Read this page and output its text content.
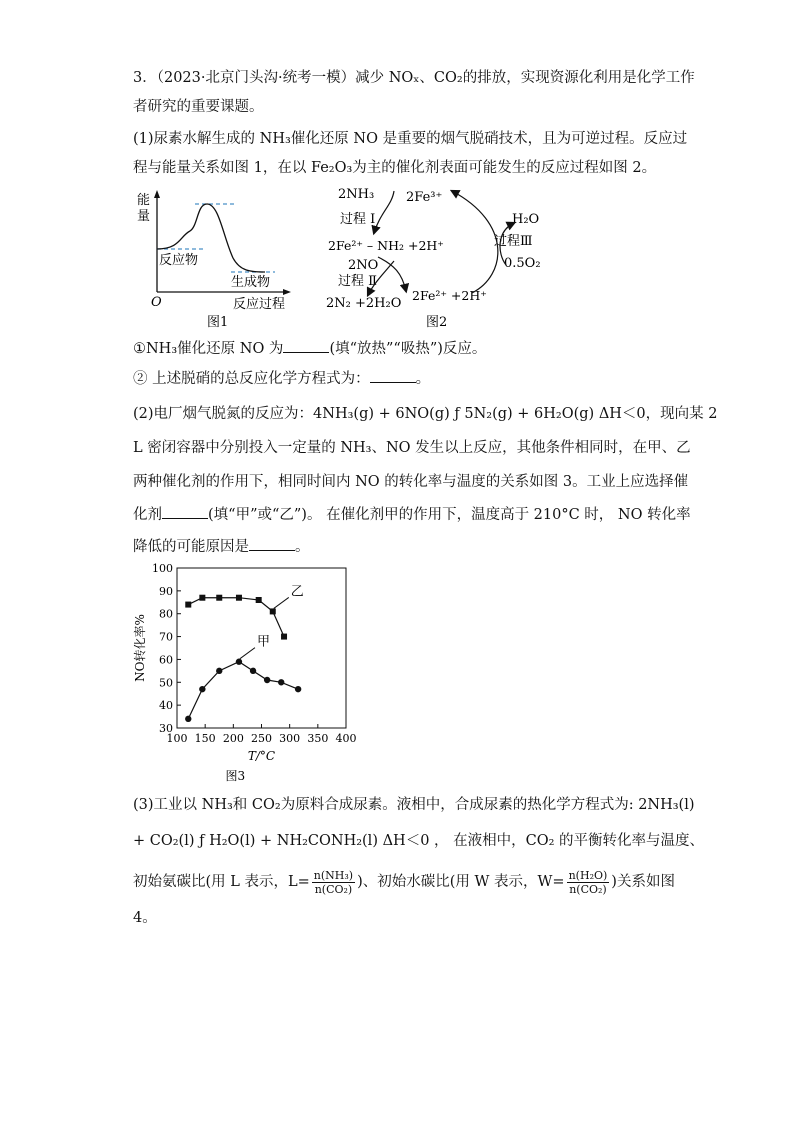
3．（2023·北京门头沟·统考一模）减少 NOₓ、CO₂的排放，实现资源化利用是化学工作
者研究的重要课题。
(1)尿素水解生成的 NH₃催化还原 NO 是重要的烟气脱硝技术，且为可逆过程。反应过
程与能量关系如图 1，在以 Fe₂O₃为主的催化剂表面可能发生的反应过程如图 2。
能
量
O
反应物
生成物
反应过程
图1
2NH₃ 2Fe³⁺
过程 Ⅰ
2Fe²⁺ – NH₂ +2H⁺
2NO
过程 Ⅱ
2N₂ +2H₂O
2Fe²⁺ +2H⁺
H₂O
过程Ⅲ
0.5O₂
图2
①NH₃催化还原 NO 为	(填“放热”“吸热”)反应。
② 上述脱硝的总反应化学方程式为：	。
(2)电厂烟气脱氮的反应为：4NH₃(g) + 6NO(g) ƒ 5N₂(g) + 6H₂O(g) ΔH＜0，现向某 2
L 密闭容器中分别投入一定量的 NH₃、NO 发生以上反应，其他条件相同时，在甲、乙
两种催化剂的作用下，相同时间内 NO 的转化率与温度的关系如图 3。工业上应选择催
化剂	(填“甲”或“乙”)。 在催化剂甲的作用下，温度高于 210°C 时， NO 转化率
降低的可能原因是	。
100 150 200 250 300 350 400
30
40
50
60
70
80
90
100
T/°C
NO转化率%
图3
乙
甲
(3)工业以 NH₃和 CO₂为原料合成尿素。液相中，合成尿素的热化学方程式为: 2NH₃(l)
+ CO₂(l) ƒ H₂O(l) + NH₂CONH₂(l) ΔH＜0 ， 在液相中，CO₂ 的平衡转化率与温度、
初始氨碳比(用 L 表示，$L= \frac{\text{n(NH₃)}}{\text{n(CO₂)}}$ )、初始水碳比(用 W 表示，$W= \frac{\text{n(H₂O)}}{\text{n(CO₂)}}$ )关系如图
4。
